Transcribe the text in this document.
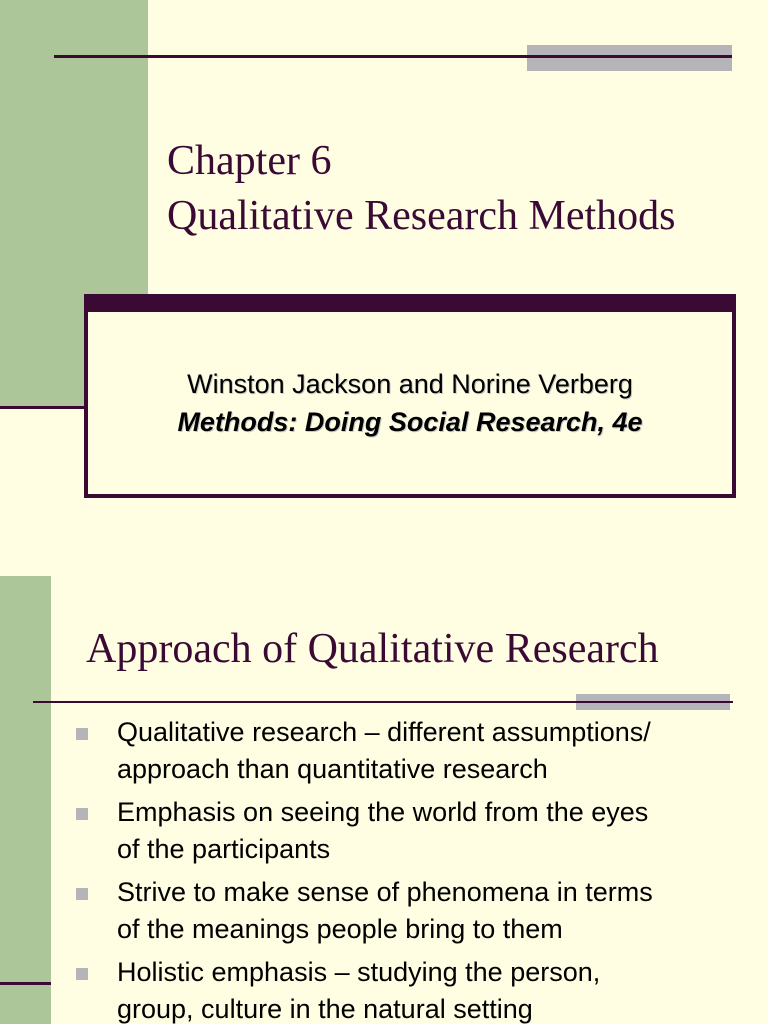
Chapter 6
Qualitative Research Methods
Winston Jackson and Norine Verberg
Methods: Doing Social Research, 4e
Approach of Qualitative Research
Qualitative research – different assumptions/
approach than quantitative research
Emphasis on seeing the world from the eyes
of the participants
Strive to make sense of phenomena in terms
of the meanings people bring to them
Holistic emphasis – studying the person,
group, culture in the natural setting
